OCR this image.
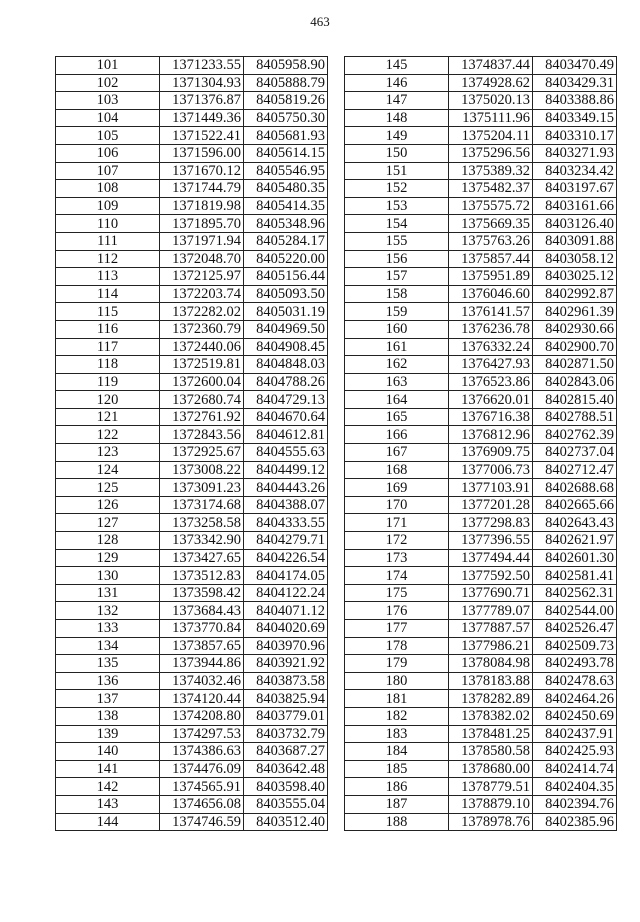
463
101	1371233.55	8405958.90
102	1371304.93	8405888.79
103	1371376.87	8405819.26
104	1371449.36	8405750.30
105	1371522.41	8405681.93
106	1371596.00	8405614.15
107	1371670.12	8405546.95
108	1371744.79	8405480.35
109	1371819.98	8405414.35
110	1371895.70	8405348.96
111	1371971.94	8405284.17
112	1372048.70	8405220.00
113	1372125.97	8405156.44
114	1372203.74	8405093.50
115	1372282.02	8405031.19
116	1372360.79	8404969.50
117	1372440.06	8404908.45
118	1372519.81	8404848.03
119	1372600.04	8404788.26
120	1372680.74	8404729.13
121	1372761.92	8404670.64
122	1372843.56	8404612.81
123	1372925.67	8404555.63
124	1373008.22	8404499.12
125	1373091.23	8404443.26
126	1373174.68	8404388.07
127	1373258.58	8404333.55
128	1373342.90	8404279.71
129	1373427.65	8404226.54
130	1373512.83	8404174.05
131	1373598.42	8404122.24
132	1373684.43	8404071.12
133	1373770.84	8404020.69
134	1373857.65	8403970.96
135	1373944.86	8403921.92
136	1374032.46	8403873.58
137	1374120.44	8403825.94
138	1374208.80	8403779.01
139	1374297.53	8403732.79
140	1374386.63	8403687.27
141	1374476.09	8403642.48
142	1374565.91	8403598.40
143	1374656.08	8403555.04
144	1374746.59	8403512.40
145	1374837.44	8403470.49
146	1374928.62	8403429.31
147	1375020.13	8403388.86
148	1375111.96	8403349.15
149	1375204.11	8403310.17
150	1375296.56	8403271.93
151	1375389.32	8403234.42
152	1375482.37	8403197.67
153	1375575.72	8403161.66
154	1375669.35	8403126.40
155	1375763.26	8403091.88
156	1375857.44	8403058.12
157	1375951.89	8403025.12
158	1376046.60	8402992.87
159	1376141.57	8402961.39
160	1376236.78	8402930.66
161	1376332.24	8402900.70
162	1376427.93	8402871.50
163	1376523.86	8402843.06
164	1376620.01	8402815.40
165	1376716.38	8402788.51
166	1376812.96	8402762.39
167	1376909.75	8402737.04
168	1377006.73	8402712.47
169	1377103.91	8402688.68
170	1377201.28	8402665.66
171	1377298.83	8402643.43
172	1377396.55	8402621.97
173	1377494.44	8402601.30
174	1377592.50	8402581.41
175	1377690.71	8402562.31
176	1377789.07	8402544.00
177	1377887.57	8402526.47
178	1377986.21	8402509.73
179	1378084.98	8402493.78
180	1378183.88	8402478.63
181	1378282.89	8402464.26
182	1378382.02	8402450.69
183	1378481.25	8402437.91
184	1378580.58	8402425.93
185	1378680.00	8402414.74
186	1378779.51	8402404.35
187	1378879.10	8402394.76
188	1378978.76	8402385.96
